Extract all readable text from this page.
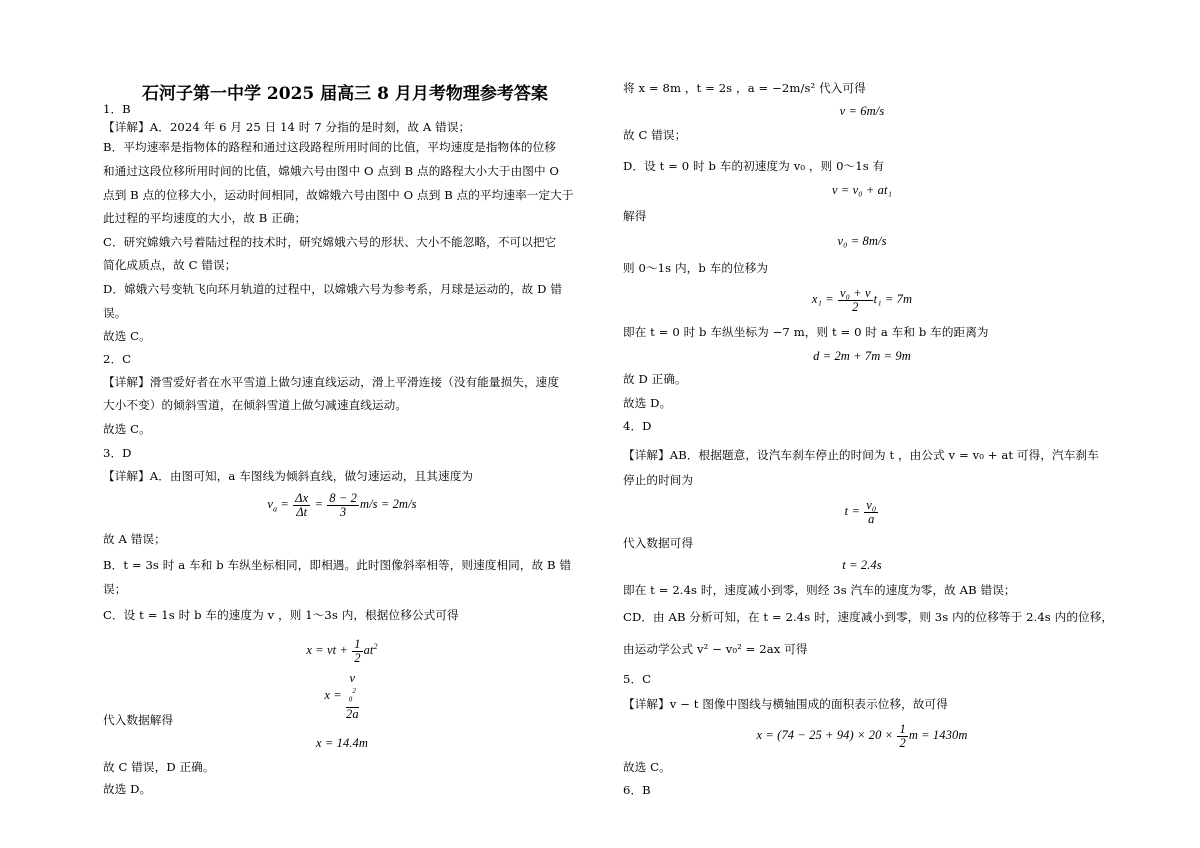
石河子第一中学 2025 届高三 8 月月考物理参考答案
1．B
【详解】A．2024 年 6 月 25 日 14 时 7 分指的是时刻，故 A 错误；
B．平均速率是指物体的路程和通过这段路程所用时间的比值，平均速度是指物体的位移
和通过这段位移所用时间的比值，嫦娥六号由图中 O 点到 B 点的路程大小大于由图中 O
点到 B 点的位移大小，运动时间相同，故嫦娥六号由图中 O 点到 B 点的平均速率一定大于
此过程的平均速度的大小，故 B 正确；
C．研究嫦娥六号着陆过程的技术时，研究嫦娥六号的形状、大小不能忽略，不可以把它
简化成质点，故 C 错误；
D．嫦娥六号变轨飞向环月轨道的过程中，以嫦娥六号为参考系，月球是运动的，故 D 错
误。
故选 C。
2．C
【详解】滑雪爱好者在水平雪道上做匀速直线运动，滑上平滑连接（没有能量损失，速度
大小不变）的倾斜雪道，在倾斜雪道上做匀减速直线运动。
故选 C。
3．D
【详解】A．由图可知，a 车图线为倾斜直线，做匀速运动，且其速度为
$v_a = \frac{\Delta x}{\Delta t} = \frac{8 - 2}{3} m/s = 2m/s$
故 A 错误；
B．t = 3s 时 a 车和 b 车纵坐标相同，即相遇。此时图像斜率相等，则速度相同，故 B 错
误；
C．设 t = 1s 时 b 车的速度为 v ，则 1～3s 内，根据位移公式可得
x = vt + $\frac{1}{2} at^2$
x = v
$_0^2$
2a
代入数据解得
x = 14.4m
故 C 错误，D 正确。
故选 D。
将 x = 8m ，t = 2s ，a = −2m/s² 代入可得
v = 6m/s
故 C 错误；
D．设 t = 0 时 b 车的初速度为 v₀ ，则 0～1s 有
v = v₀ + at₁
解得
v₀ = 8m/s
则 0～1s 内，b 车的位移为
$x_1 = \frac{\text{v₀ + v}}{2} t_1 = 7m$
即在 t = 0 时 b 车纵坐标为 −7 m，则 t = 0 时 a 车和 b 车的距离为
d = 2m + 7m = 9m
故 D 正确。
故选 D。
4．D
【详解】AB．根据题意，设汽车刹车停止的时间为 t ，由公式 v = v₀ + at 可得，汽车刹车
停止的时间为
$t = \frac{\text{v₀}}{a}$
代入数据可得
t = 2.4s
即在 t = 2.4s 时，速度减小到零，则经 3s 汽车的速度为零，故 AB 错误；
CD．由 AB 分析可知，在 t = 2.4s 时，速度减小到零，则 3s 内的位移等于 2.4s 内的位移，
由运动学公式 v² − v₀² = 2ax 可得
5．C
【详解】v − t 图像中图线与横轴围成的面积表示位移，故可得
$x = (74 - 25 + 94) \times 20 \times \frac{1}{2}$ m = 1430m
故选 C。
6．B
